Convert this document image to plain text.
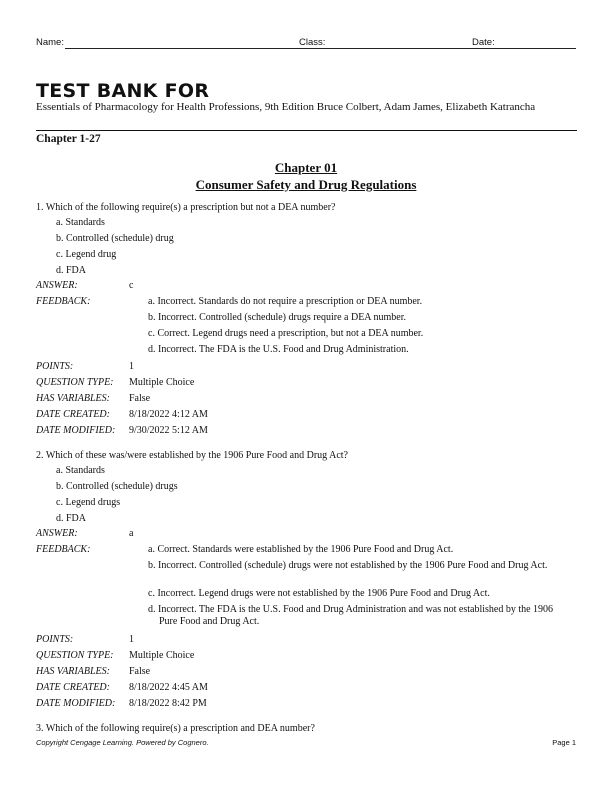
Name:	Class:	Date:
TEST BANK FOR
Essentials of Pharmacology for Health Professions, 9th Edition Bruce Colbert, Adam James, Elizabeth Katrancha
Chapter 1-27
Chapter 01
Consumer Safety and Drug Regulations
1. Which of the following require(s) a prescription but not a DEA number?
a. Standards
b. Controlled (schedule) drug
c. Legend drug
d. FDA
ANSWER:	c
FEEDBACK:	a. Incorrect. Standards do not require a prescription or DEA number.
b. Incorrect. Controlled (schedule) drugs require a DEA number.
c. Correct. Legend drugs need a prescription, but not a DEA number.
d. Incorrect. The FDA is the U.S. Food and Drug Administration.
POINTS:	1
QUESTION TYPE: Multiple Choice
HAS VARIABLES: False
DATE CREATED: 8/18/2022 4:12 AM
DATE MODIFIED: 9/30/2022 5:12 AM
2. Which of these was/were established by the 1906 Pure Food and Drug Act?
a. Standards
b. Controlled (schedule) drugs
c. Legend drugs
d. FDA
ANSWER:	a
FEEDBACK:	a. Correct. Standards were established by the 1906 Pure Food and Drug Act.
b. Incorrect. Controlled (schedule) drugs were not established by the 1906 Pure Food and Drug Act.
c. Incorrect. Legend drugs were not established by the 1906 Pure Food and Drug Act.
d. Incorrect. The FDA is the U.S. Food and Drug Administration and was not established by the 1906 Pure Food and Drug Act.
POINTS:	1
QUESTION TYPE: Multiple Choice
HAS VARIABLES: False
DATE CREATED: 8/18/2022 4:45 AM
DATE MODIFIED: 8/18/2022 8:42 PM
3. Which of the following require(s) a prescription and DEA number?
Copyright Cengage Learning. Powered by Cognero.	Page 1
